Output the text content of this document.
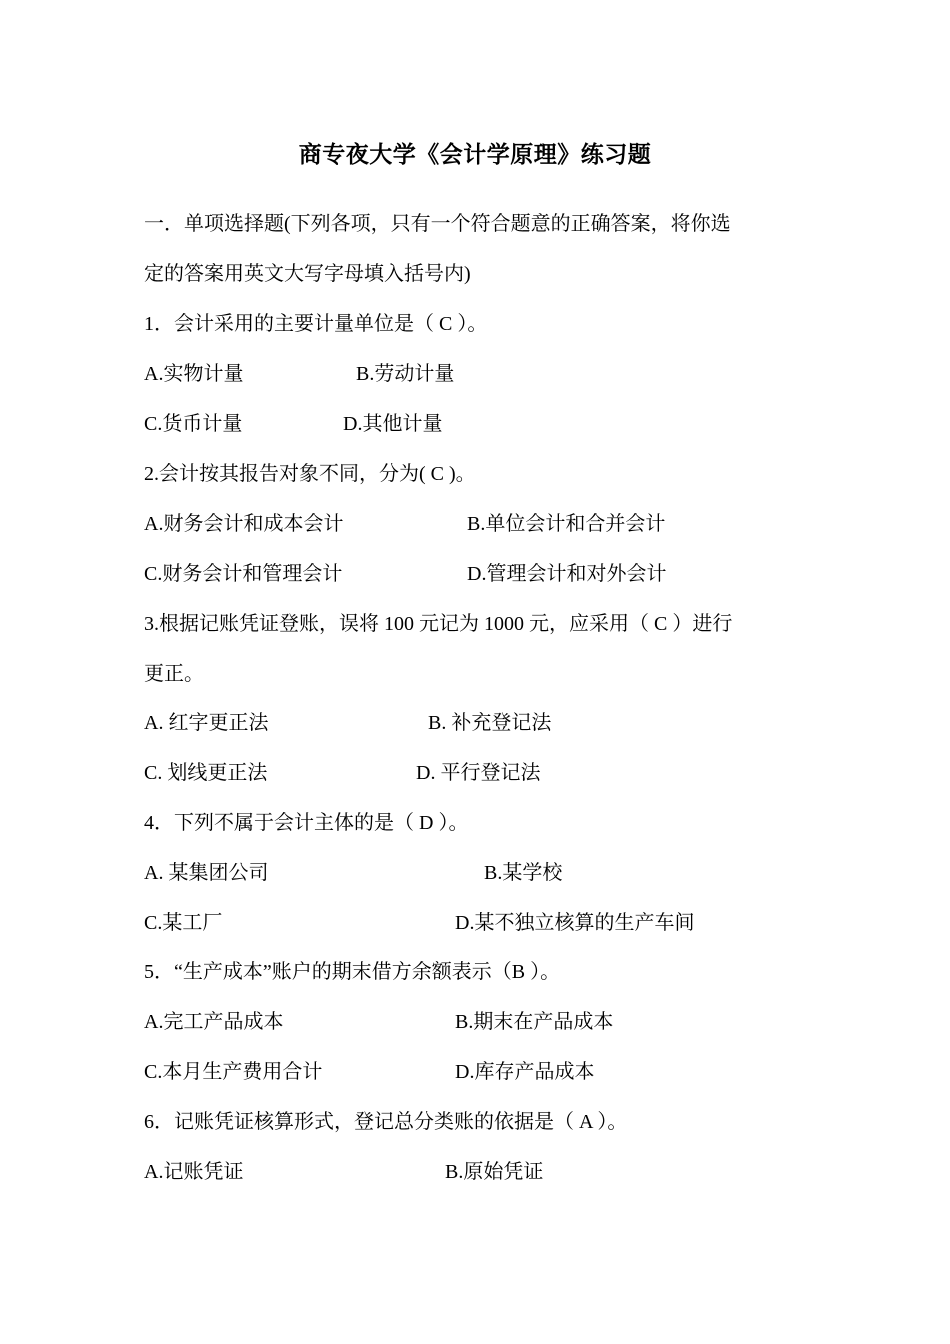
商专夜大学《会计学原理》练习题
一．单项选择题(下列各项，只有一个符合题意的正确答案，将你选
定的答案用英文大写字母填入括号内)
1．会计采用的主要计量单位是（ C ）。
A.实物计量	B.劳动计量
C.货币计量	D.其他计量
2.会计按其报告对象不同，分为( C )。
A.财务会计和成本会计	B.单位会计和合并会计
C.财务会计和管理会计	D.管理会计和对外会计
3.根据记账凭证登账，误将 100 元记为 1000 元，应采用（ C ）进行
更正。
A. 红字更正法	B. 补充登记法
C. 划线更正法	D. 平行登记法
4．下列不属于会计主体的是（ D ）。
A. 某集团公司	B.某学校
C.某工厂	D.某不独立核算的生产车间
5．“生产成本”账户的期末借方余额表示（B ）。
A.完工产品成本	B.期末在产品成本
C.本月生产费用合计	D.库存产品成本
6．记账凭证核算形式，登记总分类账的依据是（ A ）。
A.记账凭证	B.原始凭证
